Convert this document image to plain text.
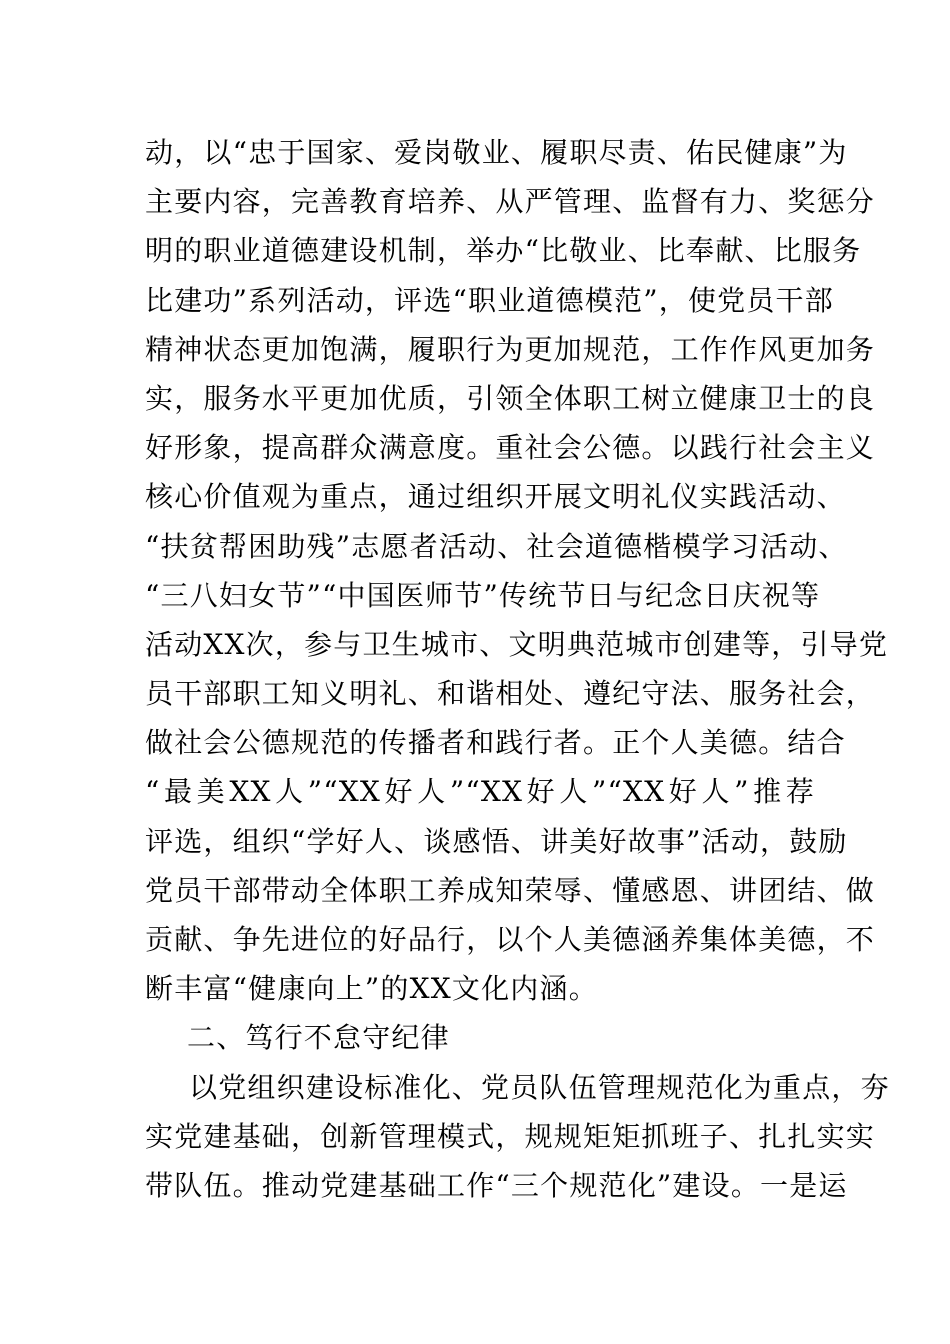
动，以“忠于国家、爱岗敬业、履职尽责、佑民健康”为
主要内容，完善教育培养、从严管理、监督有力、奖惩分
明的职业道德建设机制，举办“比敬业、比奉献、比服务
比建功”系列活动，评选“职业道德模范”，使党员干部
精神状态更加饱满，履职行为更加规范，工作作风更加务
实，服务水平更加优质，引领全体职工树立健康卫士的良
好形象，提高群众满意度。重社会公德。以践行社会主义
核心价值观为重点，通过组织开展文明礼仪实践活动、
“扶贫帮困助残”志愿者活动、社会道德楷模学习活动、
“三八妇女节”“中国医师节”传统节日与纪念日庆祝等
活动XX次，参与卫生城市、文明典范城市创建等，引导党
员干部职工知义明礼、和谐相处、遵纪守法、服务社会，
做社会公德规范的传播者和践行者。正个人美德。结合
“最美XX人”“XX好人”“XX好人”“XX好人”推荐
评选，组织“学好人、谈感悟、讲美好故事”活动，鼓励
党员干部带动全体职工养成知荣辱、懂感恩、讲团结、做
贡献、争先进位的好品行，以个人美德涵养集体美德，不
断丰富“健康向上”的XX文化内涵。
二、笃行不怠守纪律
以党组织建设标准化、党员队伍管理规范化为重点，夯
实党建基础，创新管理模式，规规矩矩抓班子、扎扎实实
带队伍。推动党建基础工作“三个规范化”建设。一是运
